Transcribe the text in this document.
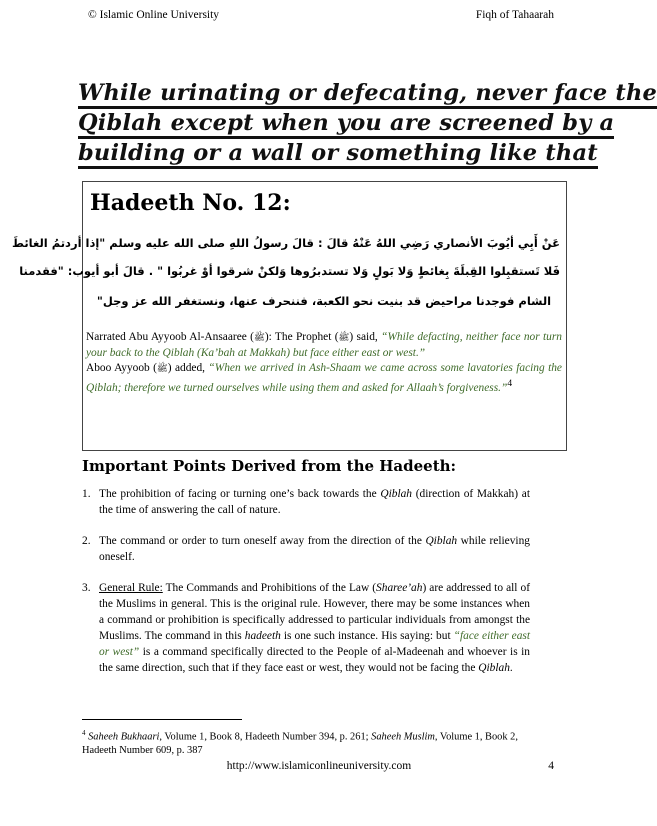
© Islamic Online University	Fiqh of Tahaarah
While urinating or defecating, never face the
Qiblah except when you are screened by a
building or a wall or something like that
Hadeeth No. 12:
عَنْ أَبِي أيُوبَ الأنصاري رَضِي اللهُ عَنْهُ قالَ : قالَ رسولُ اللهِ صلى الله عليه وسلم "إذا أردتمُ الغائطَ
فَلا تَستقبِلوا القِبلَةَ بِغائطٍ وَلا بَولٍ وَلا تستدبرُوها وَلكنْ شرقوا أوْ غربُوا " . قالَ أبو أيوب: "فقدمنا
الشام فوجدنا مراحيض قد بنيت نحو الكعبة، فننحرف عنها، ونستغفر الله عز وجل"

Narrated Abu Ayyoob Al-Ansaaree (ﷺ): The Prophet (ﷺ) said, “While defacting, neither face nor turn your back to the Qiblah (Ka’bah at Makkah) but face either east or west.”

Aboo Ayyoob (ﷺ) added, “When we arrived in Ash-Shaam we came across some lavatories facing the Qiblah; therefore we turned ourselves while using them and asked for Allaah’s forgiveness.”$^4$

Important Points Derived from the Hadeeth:
1. The prohibition of facing or turning one’s back towards the Qiblah (direction of Makkah) at the time of answering the call of nature.
2. The command or order to turn oneself away from the direction of the Qiblah while relieving oneself.
3. General Rule: The Commands and Prohibitions of the Law (Sharee’ah) are addressed to all of the Muslims in general. This is the original rule. However, there may be some instances when a command or prohibition is specifically addressed to particular individuals from amongst the Muslims. The command in this hadeeth is one such instance. His saying: but “face either east or west” is a command specifically directed to the People of al-Madeenah and whoever is in the same direction, such that if they face east or west, they would not be facing the Qiblah.
$^4$ Saheeh Bukhaari, Volume 1, Book 8, Hadeeth Number 394, p. 261; Saheeh Muslim, Volume 1, Book 2, Hadeeth Number 609, p. 387
http://www.islamiconlineuniversity.com	4
